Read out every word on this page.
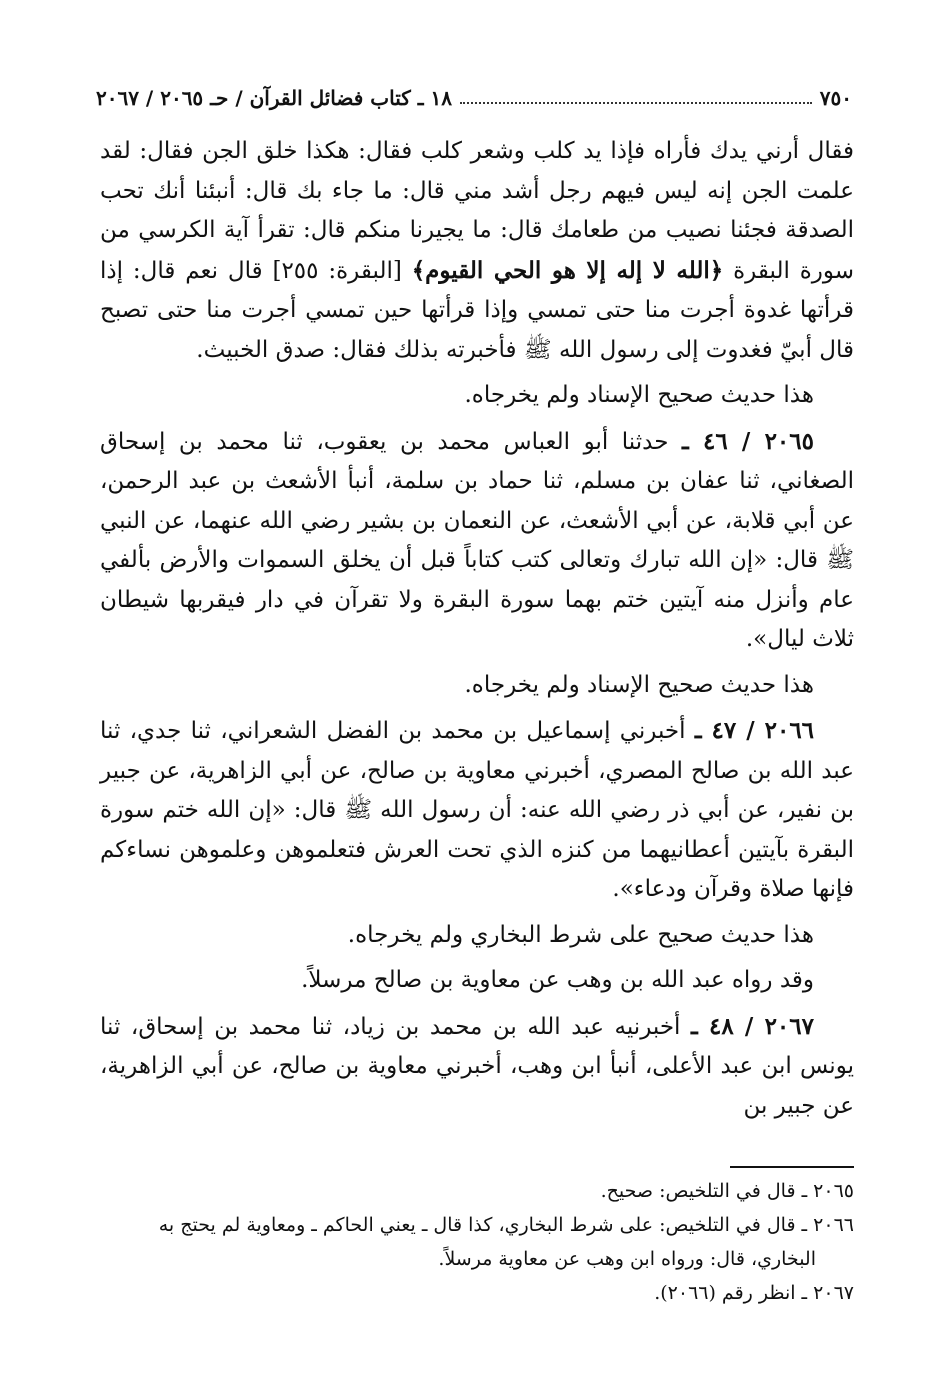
٧٥٠
١٨ ـ كتاب فضائل القرآن / حـ ٢٠٦٥ / ٢٠٦٧

فقال أرني يدك فأراه فإذا يد كلب وشعر كلب فقال: هكذا خلق الجن فقال: لقد علمت الجن إنه ليس فيهم رجل أشد مني قال: ما جاء بك قال: أنبئنا أنك تحب الصدقة فجئنا نصيب من طعامك قال: ما يجيرنا منكم قال: تقرأ آية الكرسي من سورة البقرة ﴿الله لا إله إلا هو الحي القيوم﴾ [البقرة: ٢٥٥] قال نعم قال: إذا قرأتها غدوة أجرت منا حتى تمسي وإذا قرأتها حين تمسي أجرت منا حتى تصبح قال أبيّ فغدوت إلى رسول الله ﷺ فأخبرته بذلك فقال: صدق الخبيث.

هذا حديث صحيح الإسناد ولم يخرجاه.

٢٠٦٥ / ٤٦ ـ حدثنا أبو العباس محمد بن يعقوب، ثنا محمد بن إسحاق الصغاني، ثنا عفان بن مسلم، ثنا حماد بن سلمة، أنبأ الأشعث بن عبد الرحمن، عن أبي قلابة، عن أبي الأشعث، عن النعمان بن بشير رضي الله عنهما، عن النبي ﷺ قال: «إن الله تبارك وتعالى كتب كتاباً قبل أن يخلق السموات والأرض بألفي عام وأنزل منه آيتين ختم بهما سورة البقرة ولا تقرآن في دار فيقربها شيطان ثلاث ليال».

هذا حديث صحيح الإسناد ولم يخرجاه.

٢٠٦٦ / ٤٧ ـ أخبرني إسماعيل بن محمد بن الفضل الشعراني، ثنا جدي، ثنا عبد الله بن صالح المصري، أخبرني معاوية بن صالح، عن أبي الزاهرية، عن جبير بن نفير، عن أبي ذر رضي الله عنه: أن رسول الله ﷺ قال: «إن الله ختم سورة البقرة بآيتين أعطانيهما من كنزه الذي تحت العرش فتعلموهن وعلموهن نساءكم فإنها صلاة وقرآن ودعاء».

هذا حديث صحيح على شرط البخاري ولم يخرجاه.

وقد رواه عبد الله بن وهب عن معاوية بن صالح مرسلاً.

٢٠٦٧ / ٤٨ ـ أخبرنيه عبد الله بن محمد بن زياد، ثنا محمد بن إسحاق، ثنا يونس ابن عبد الأعلى، أنبأ ابن وهب، أخبرني معاوية بن صالح، عن أبي الزاهرية، عن جبير بن

٢٠٦٥ ـ قال في التلخيص: صحيح.

٢٠٦٦ ـ قال في التلخيص: على شرط البخاري، كذا قال ـ يعني الحاكم ـ ومعاوية لم يحتج به

البخاري، قال: ورواه ابن وهب عن معاوية مرسلاً.

٢٠٦٧ ـ انظر رقم (٢٠٦٦).
